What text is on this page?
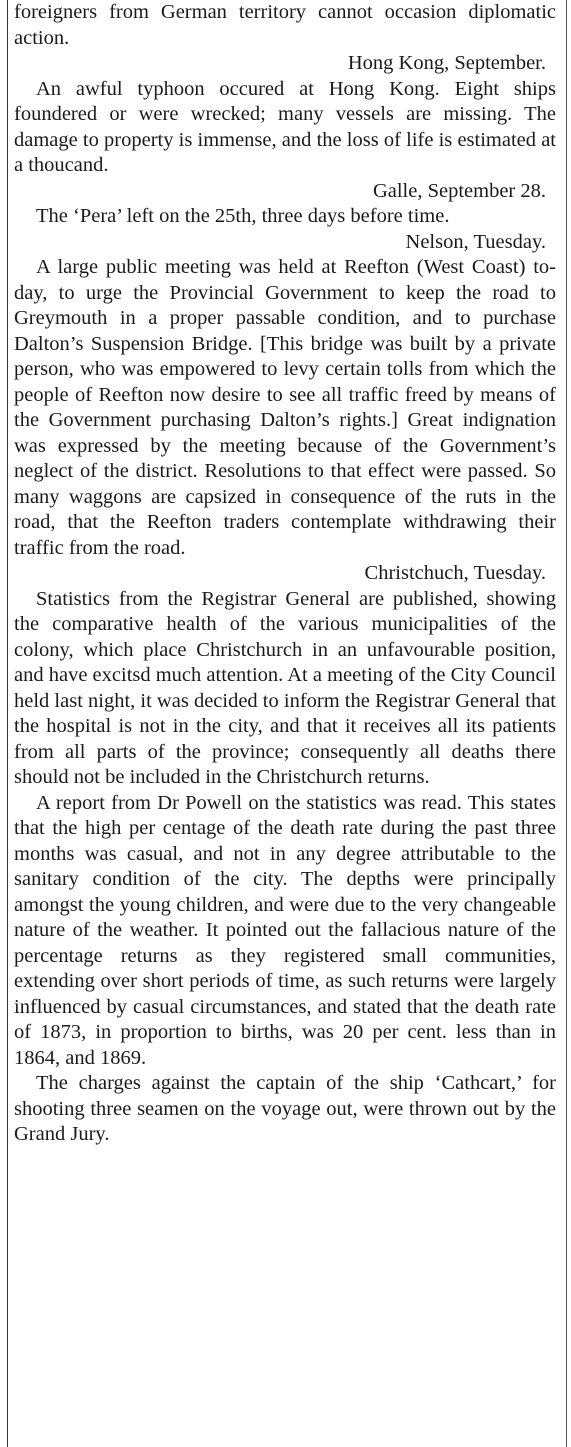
foreigners from German territory cannot occasion diplomatic action.

Hong Kong, September.

An awful typhoon occured at Hong Kong. Eight ships foundered or were wrecked; many vessels are missing. The damage to property is immense, and the loss of life is estimated at a thoucand.

Galle, September 28.

The ‘Pera’ left on the 25th, three days before time.

Nelson, Tuesday.

A large public meeting was held at Reefton (West Coast) to-day, to urge the Provincial Government to keep the road to Greymouth in a proper passable condition, and to purchase Dalton’s Suspension Bridge. [This bridge was built by a private person, who was empowered to levy certain tolls from which the people of Reefton now desire to see all traffic freed by means of the Government purchasing Dalton’s rights.] Great indignation was expressed by the meeting because of the Government’s neglect of the district. Resolutions to that effect were passed. So many waggons are capsized in consequence of the ruts in the road, that the Reefton traders contemplate withdrawing their traffic from the road.

Christchuch, Tuesday.

Statistics from the Registrar General are published, showing the comparative health of the various municipalities of the colony, which place Christchurch in an unfavourable position, and have excitsd much attention. At a meeting of the City Council held last night, it was decided to inform the Registrar General that the hospital is not in the city, and that it receives all its patients from all parts of the province; consequently all deaths there should not be included in the Christchurch returns.

A report from Dr Powell on the statistics was read. This states that the high per centage of the death rate during the past three months was casual, and not in any degree attributable to the sanitary condition of the city. The depths were principally amongst the young children, and were due to the very changeable nature of the weather. It pointed out the fallacious nature of the percentage returns as they registered small communities, extending over short periods of time, as such returns were largely influenced by casual circumstances, and stated that the death rate of 1873, in proportion to births, was 20 per cent. less than in 1864, and 1869.

The charges against the captain of the ship ‘Cathcart,’ for shooting three seamen on the voyage out, were thrown out by the Grand Jury.
